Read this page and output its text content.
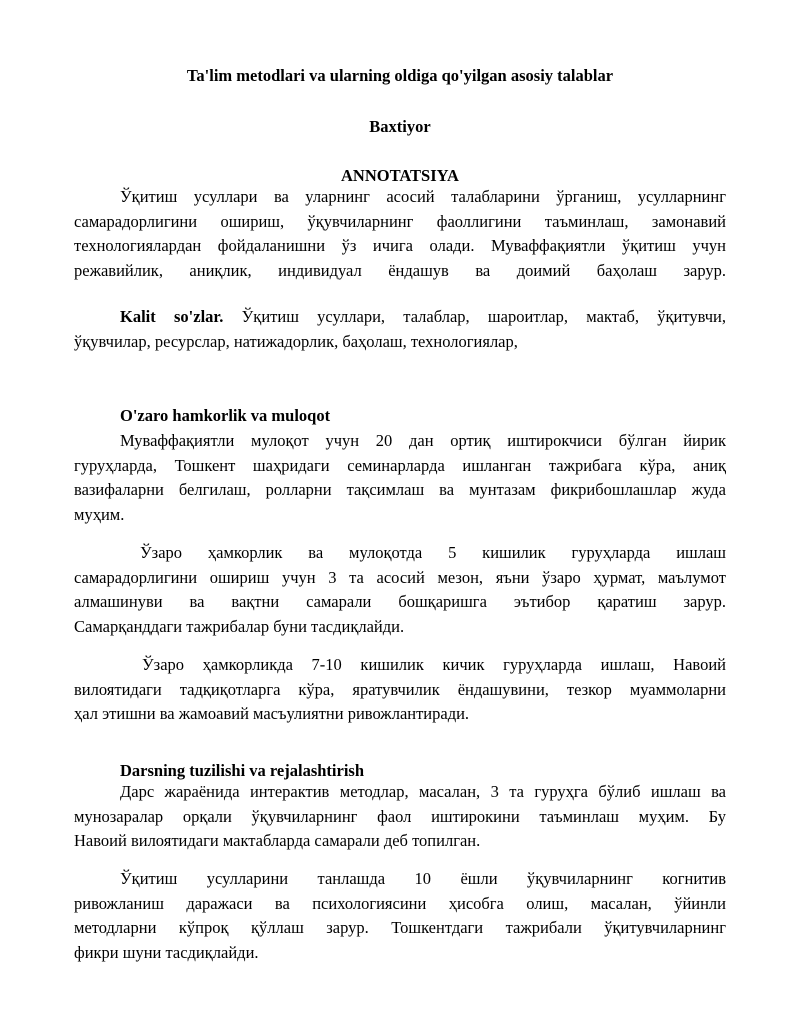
Ta'lim metodlari va ularning oldiga qo'yilgan asosiy talablar
Baxtiyor
ANNOTATSIYA
Ўқитиш усуллари ва уларнинг асосий талабларини ўрганиш, усулларнинг
самарадорлигини ошириш, ўқувчиларнинг фаоллигини таъминлаш, замонавий
технологиялардан фойдаланишни ўз ичига олади. Муваффақиятли ўқитиш учун
режавийлик, аниқлик, индивидуал ёндашув ва доимий баҳолаш зарур.
Kalit so'zlar. Ўқитиш усуллари, талаблар, шароитлар, мактаб, ўқитувчи,
ўқувчилар, ресурслар, натижадорлик, баҳолаш, технологиялар,
O'zaro hamkorlik va muloqot
Муваффақиятли мулоқот учун 20 дан ортиқ иштирокчиси бўлган йирик
гуруҳларда, Тошкент шаҳридаги семинарларда ишланган тажрибага кўра, аниқ
вазифаларни белгилаш, ролларни тақсимлаш ва мунтазам фикрибошлашлар жуда
муҳим.
Ўзаро ҳамкорлик ва мулоқотда 5 кишилик гуруҳларда ишлаш
самарадорлигини ошириш учун 3 та асосий мезон, яъни ўзаро ҳурмат, маълумот
алмашинуви ва вақтни самарали бошқаришга эътибор қаратиш зарур.
Самарқанддаги тажрибалар буни тасдиқлайди.
Ўзаро ҳамкорликда 7-10 кишилик кичик гуруҳларда ишлаш, Навоий
вилоятидаги тадқиқотларга кўра, яратувчилик ёндашувини, тезкор муаммоларни
ҳал этишни ва жамоавий масъулиятни ривожлантиради.
Darsning tuzilishi va rejalashtirish
Дарс жараёнида интерактив методлар, масалан, 3 та гуруҳга бўлиб ишлаш ва
мунозаралар орқали ўқувчиларнинг фаол иштирокини таъминлаш муҳим. Бу
Навоий вилоятидаги мактабларда самарали деб топилган.
Ўқитиш усулларини танлашда 10 ёшли ўқувчиларнинг когнитив
ривожланиш даражаси ва психологиясини ҳисобга олиш, масалан, ўйинли
методларни кўпроқ қўллаш зарур. Тошкентдаги тажрибали ўқитувчиларнинг
фикри шуни тасдиқлайди.
